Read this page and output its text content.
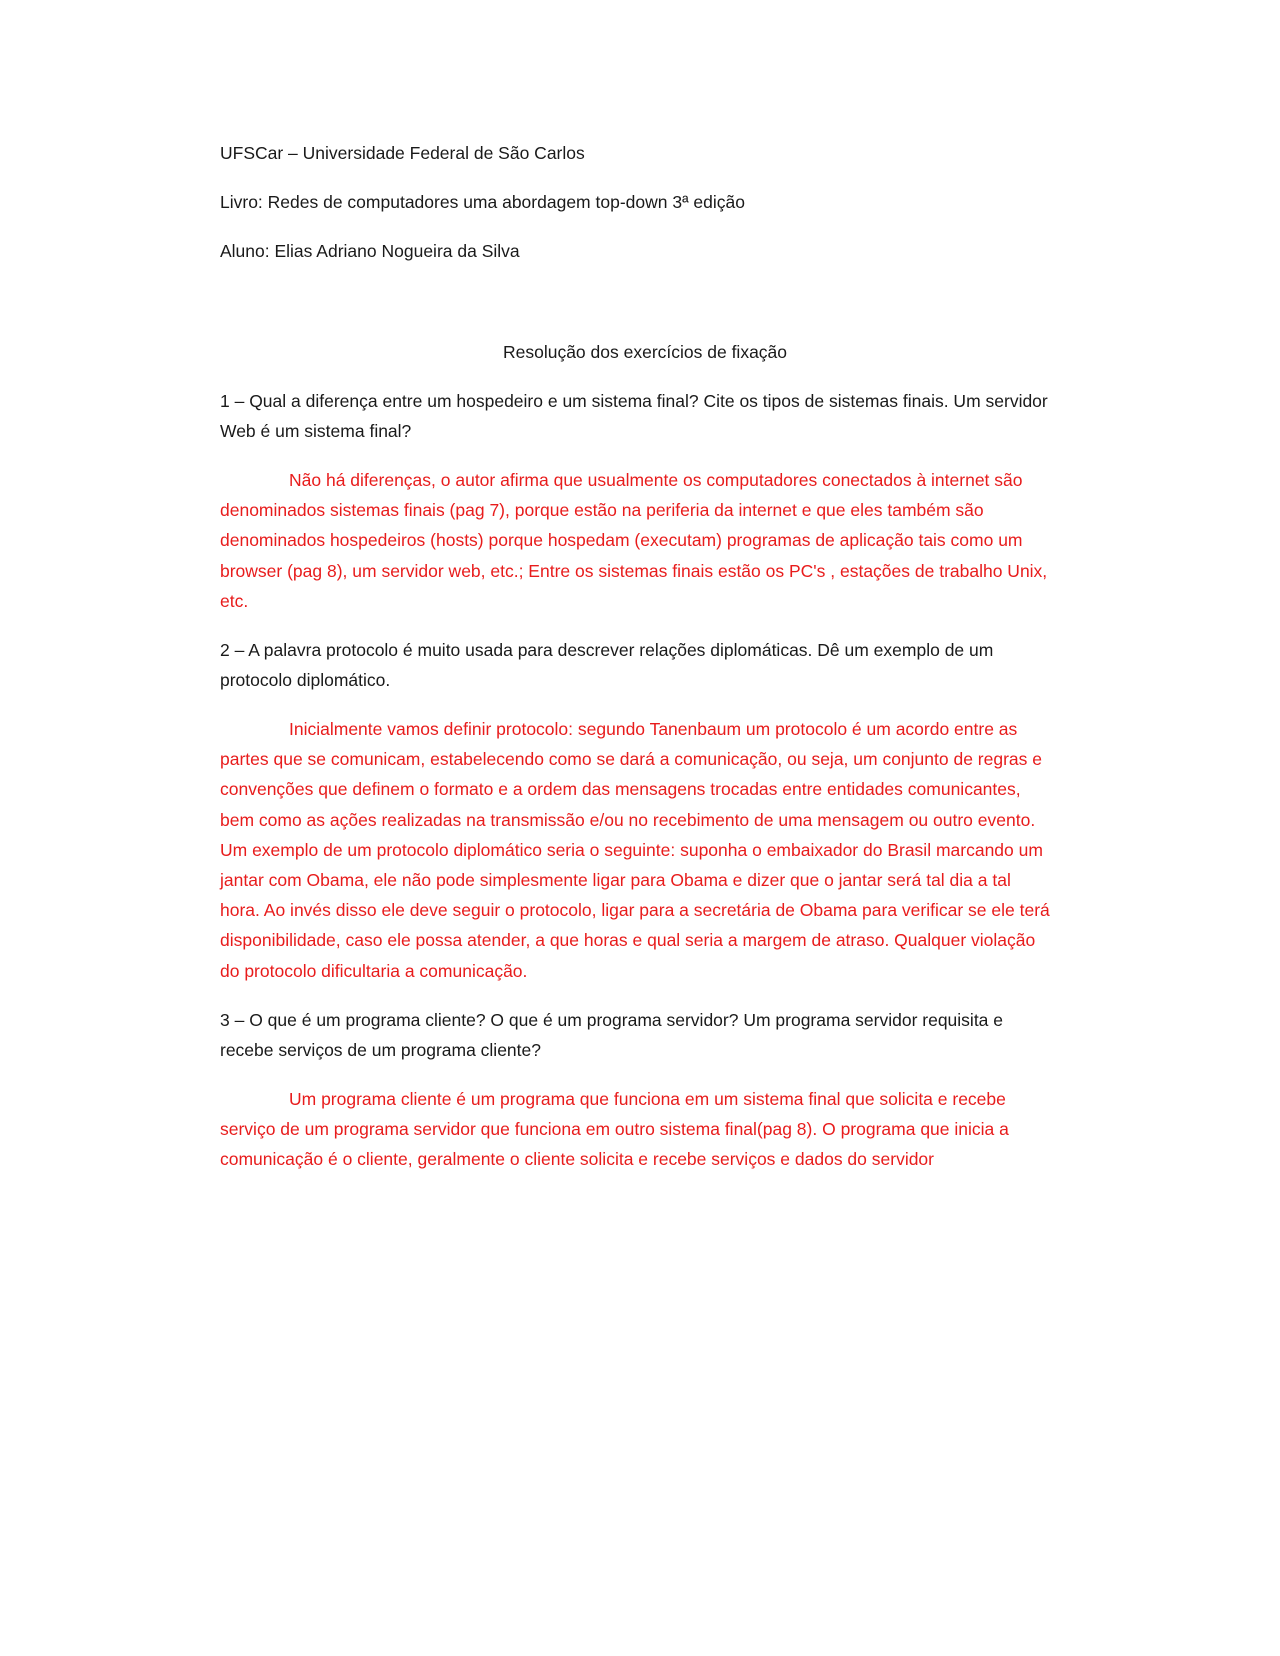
UFSCar – Universidade Federal de São Carlos

Livro: Redes de computadores uma abordagem top-down 3ª edição

Aluno: Elias Adriano Nogueira da Silva

Resolução dos exercícios de fixação

1 – Qual a diferença entre um hospedeiro e um sistema final? Cite os tipos de sistemas finais. Um servidor Web é um sistema final?

Não há diferenças, o autor afirma que usualmente os computadores conectados à internet são denominados sistemas finais (pag 7), porque estão na periferia da internet e que eles também são denominados hospedeiros (hosts) porque hospedam (executam) programas de aplicação tais como um browser (pag 8), um servidor web, etc.; Entre os sistemas finais estão os PC's , estações de trabalho Unix, etc.

2 – A palavra protocolo é muito usada para descrever relações diplomáticas. Dê um exemplo de um protocolo diplomático.

Inicialmente vamos definir protocolo: segundo Tanenbaum um protocolo é um acordo entre as partes que se comunicam, estabelecendo como se dará a comunicação, ou seja, um conjunto de regras e convenções que definem o formato e a ordem das mensagens trocadas entre entidades comunicantes, bem como as ações realizadas na transmissão e/ou no recebimento de uma mensagem ou outro evento. Um exemplo de um protocolo diplomático seria o seguinte: suponha o embaixador do Brasil marcando um jantar com Obama, ele não pode simplesmente ligar para Obama e dizer que o jantar será tal dia a tal hora. Ao invés disso ele deve seguir o protocolo, ligar para a secretária de Obama para verificar se ele terá disponibilidade, caso ele possa atender, a que horas e qual seria a margem de atraso. Qualquer violação do protocolo dificultaria a comunicação.

3 – O que é um programa cliente? O que é um programa servidor? Um programa servidor requisita e recebe serviços de um programa cliente?

Um programa cliente é um programa que funciona em um sistema final que solicita e recebe serviço de um programa servidor que funciona em outro sistema final(pag 8). O programa que inicia a comunicação é o cliente, geralmente o cliente solicita e recebe serviços e dados do servidor
